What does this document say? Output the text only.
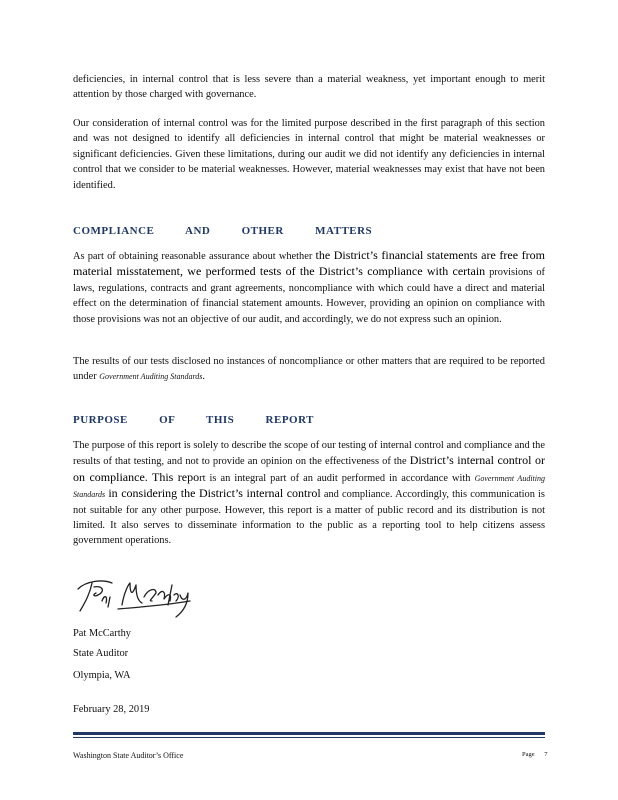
deficiencies, in internal control that is less severe than a material weakness, yet important enough to merit attention by those charged with governance.

Our consideration of internal control was for the limited purpose described in the first paragraph of this section and was not designed to identify all deficiencies in internal control that might be material weaknesses or significant deficiencies. Given these limitations, during our audit we did not identify any deficiencies in internal control that we consider to be material weaknesses. However, material weaknesses may exist that have not been identified.

COMPLIANCE AND OTHER MATTERS

As part of obtaining reasonable assurance about whether the District’s financial statements are free from material misstatement, we performed tests of the District’s compliance with certain provisions of laws, regulations, contracts and grant agreements, noncompliance with which could have a direct and material effect on the determination of financial statement amounts. However, providing an opinion on compliance with those provisions was not an objective of our audit, and accordingly, we do not express such an opinion.

The results of our tests disclosed no instances of noncompliance or other matters that are required to be reported under Government Auditing Standards.

PURPOSE OF THIS REPORT

The purpose of this report is solely to describe the scope of our testing of internal control and compliance and the results of that testing, and not to provide an opinion on the effectiveness of the District’s internal control or on compliance. This report is an integral part of an audit performed in accordance with Government Auditing Standards in considering the District’s internal control and compliance. Accordingly, this communication is not suitable for any other purpose. However, this report is a matter of public record and its distribution is not limited. It also serves to disseminate information to the public as a reporting tool to help citizens assess government operations.

Pat McCarthy
State Auditor
Olympia, WA
February 28, 2019
Washington State Auditor’s Office	Page 7
